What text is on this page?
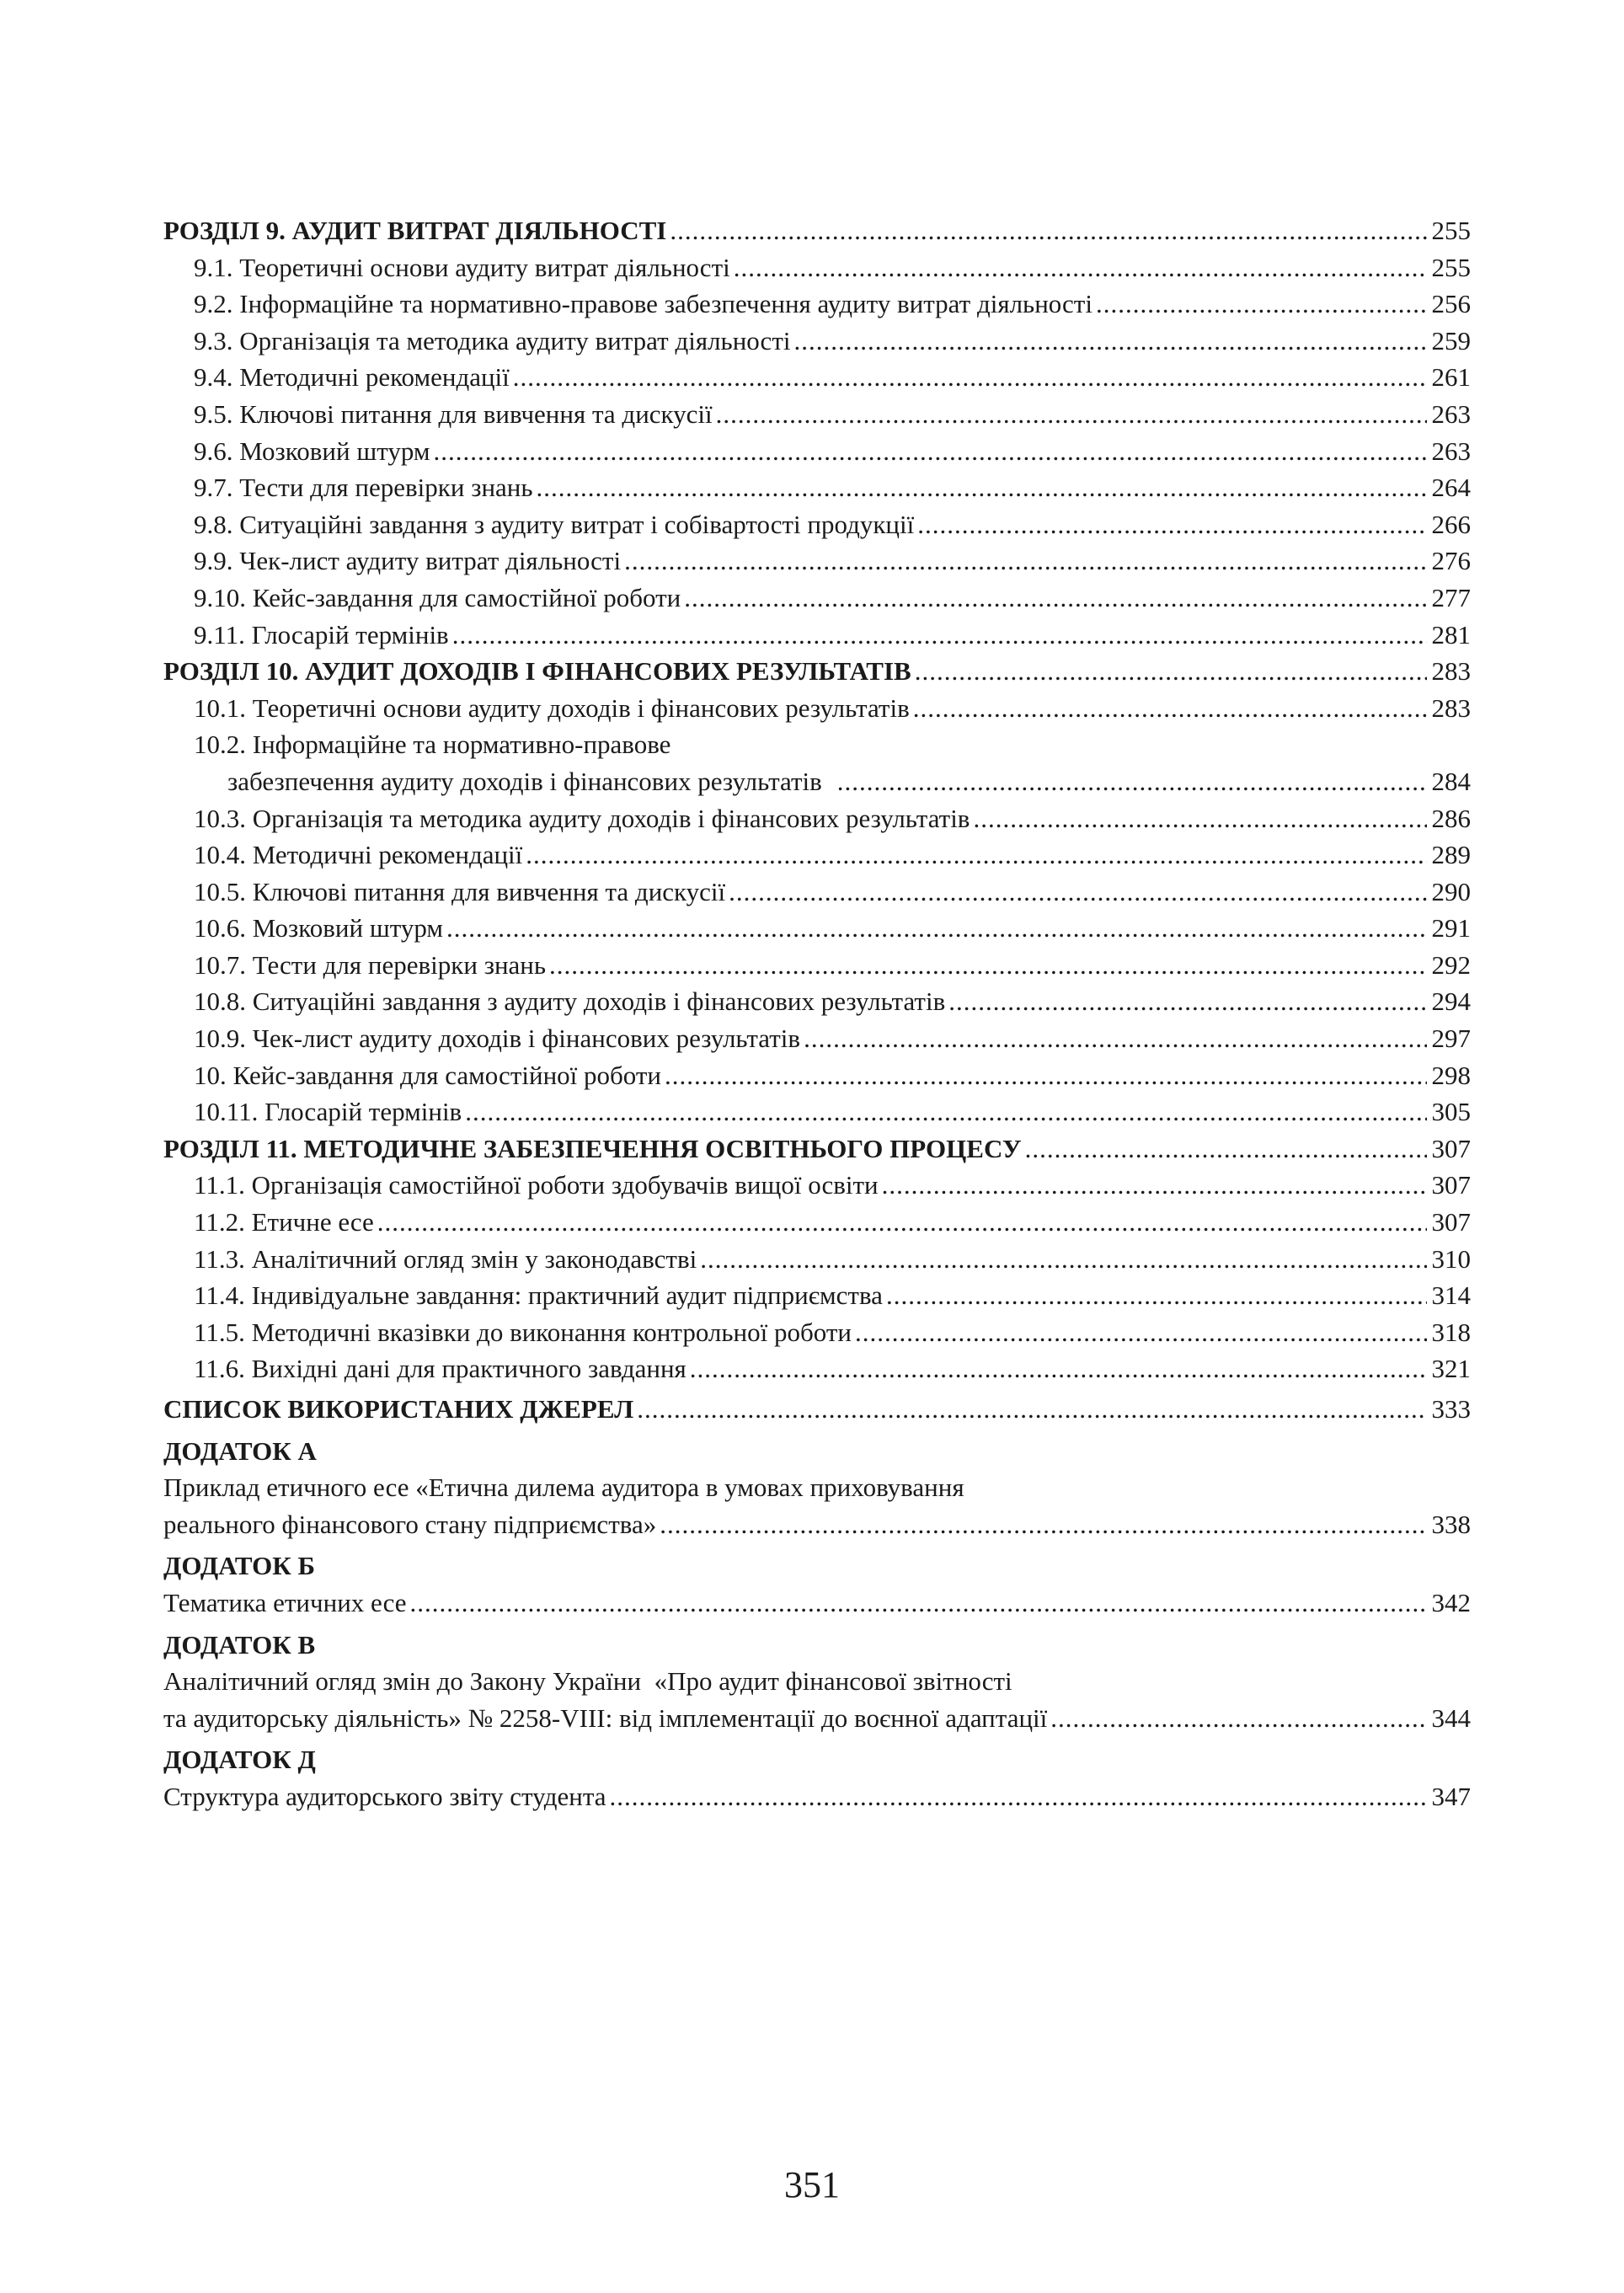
РОЗДІЛ 9. АУДИТ ВИТРАТ ДІЯЛЬНОСТІ .....	255
9.1. Теоретичні основи аудиту витрат діяльності .....	255
9.2. Інформаційне та нормативно-правове забезпечення аудиту витрат діяльності .....	256
9.3. Організація та методика аудиту витрат діяльності .....	259
9.4. Методичні рекомендації .....	261
9.5. Ключові питання для вивчення та дискусії .....	263
9.6. Мозковий штурм .....	263
9.7. Тести для перевірки знань .....	264
9.8. Ситуаційні завдання з аудиту витрат і собівартості продукції .....	266
9.9. Чек-лист аудиту витрат діяльності .....	276
9.10. Кейс-завдання для самостійної роботи .....	277
9.11. Глосарій термінів .....	281
РОЗДІЛ 10. АУДИТ ДОХОДІВ І ФІНАНСОВИХ РЕЗУЛЬТАТІВ .....	283
10.1. Теоретичні основи аудиту доходів і фінансових результатів .....	283
10.2. Інформаційне та нормативно-правове
забезпечення аудиту доходів і фінансових результатів .....	284
10.3. Організація та методика аудиту доходів і фінансових результатів .....	286
10.4. Методичні рекомендації .....	289
10.5. Ключові питання для вивчення та дискусії .....	290
10.6. Мозковий штурм .....	291
10.7. Тести для перевірки знань .....	292
10.8. Ситуаційні завдання з аудиту доходів і фінансових результатів .....	294
10.9. Чек-лист аудиту доходів і фінансових результатів .....	297
10. Кейс-завдання для самостійної роботи .....	298
10.11. Глосарій термінів .....	305
РОЗДІЛ 11. МЕТОДИЧНЕ ЗАБЕЗПЕЧЕННЯ ОСВІТНЬОГО ПРОЦЕСУ .....	307
11.1. Організація самостійної роботи здобувачів вищої освіти .....	307
11.2. Етичне есе .....	307
11.3. Аналітичний огляд змін у законодавстві .....	310
11.4. Індивідуальне завдання: практичний аудит підприємства .....	314
11.5. Методичні вказівки до виконання контрольної роботи .....	318
11.6. Вихідні дані для практичного завдання .....	321
СПИСОК ВИКОРИСТАНИХ ДЖЕРЕЛ .....	333
ДОДАТОК А
Приклад етичного есе «Етична дилема аудитора в умовах приховування
реального фінансового стану підприємства» .....	338
ДОДАТОК Б
Тематика етичних есе .....	342
ДОДАТОК В
Аналітичний огляд змін до Закону України  «Про аудит фінансової звітності
та аудиторську діяльність» № 2258-VIII: від імплементації до воєнної адаптації .....	344
ДОДАТОК Д
Структура аудиторського звіту студента .....	347
351
